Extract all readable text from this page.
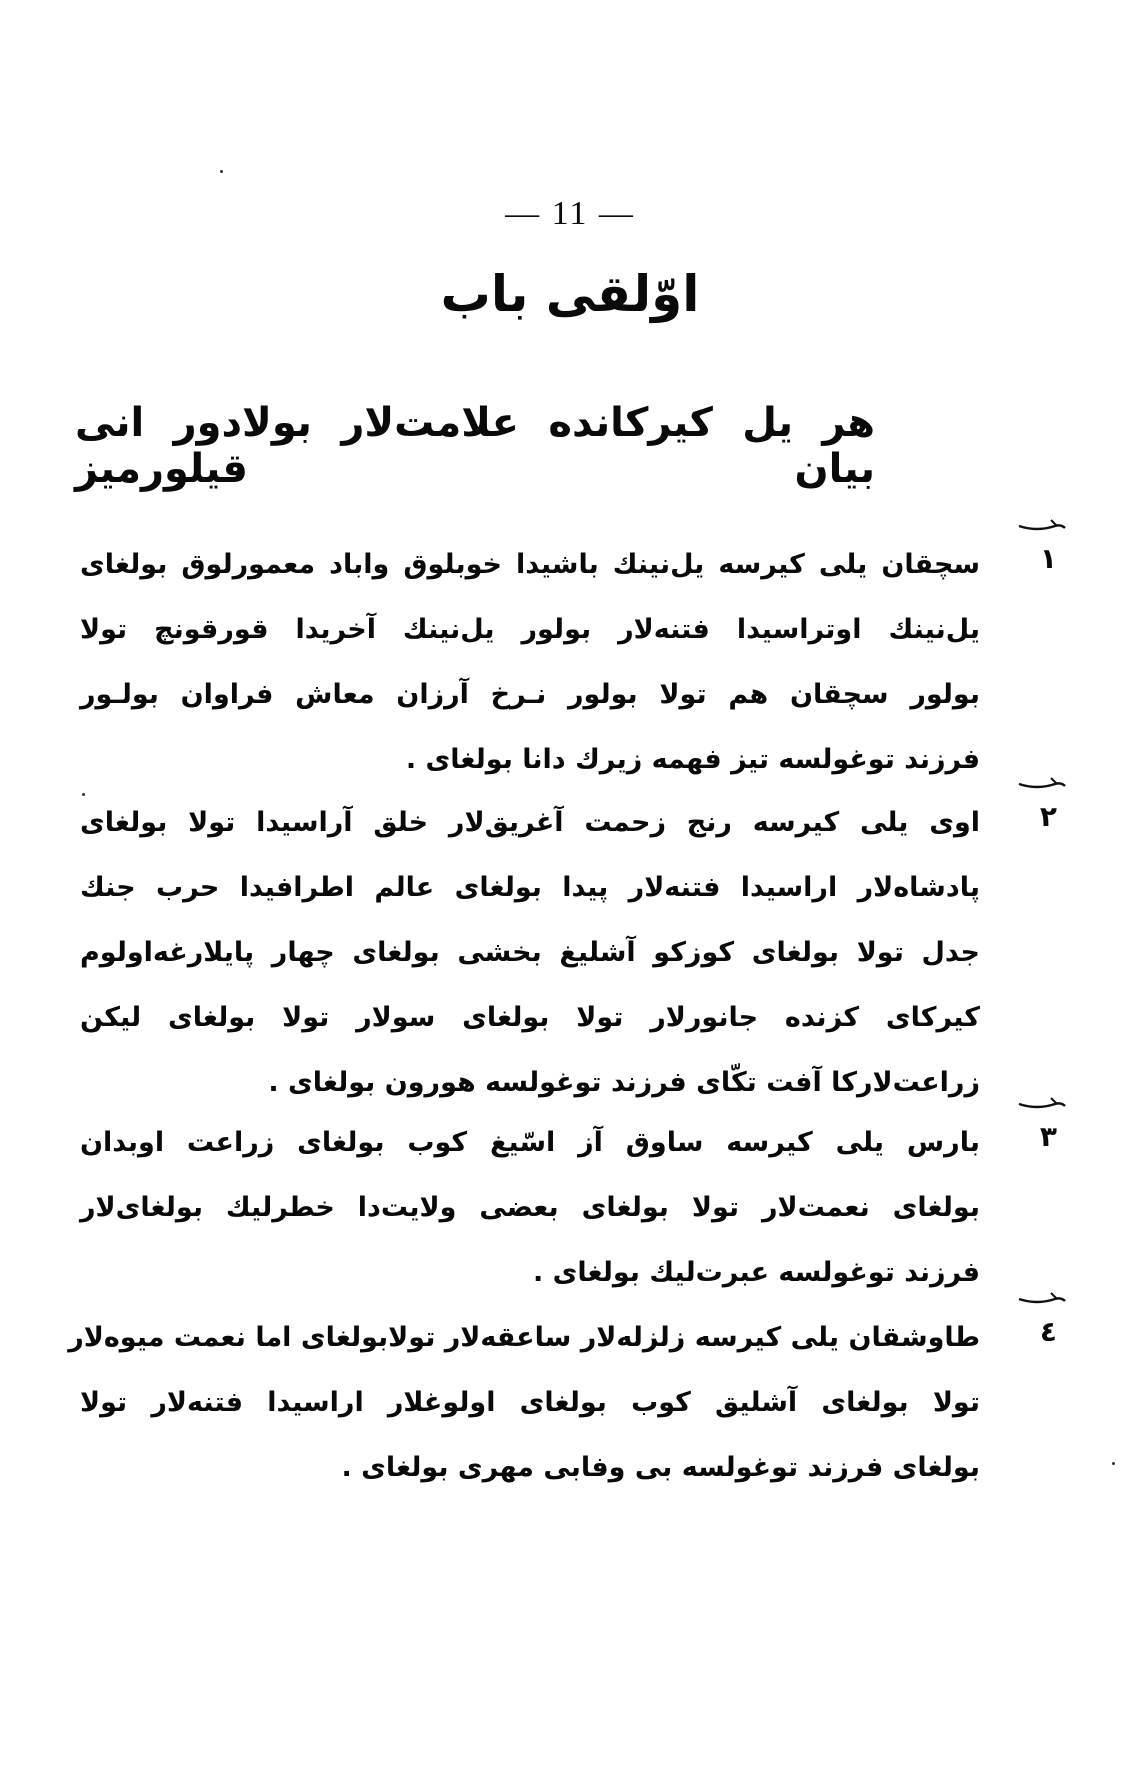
— 11 —
اوّلقی باب
هر يل كيركانده علامت‌لار بولادور انى بيان قيلورميز
١
سچقان يلى كيرسه يل‌نينك باشيدا خوبلوق واباد معمورلوق بولغاى
يل‌نينك اوتراسيدا فتنه‌لار بولور يل‌نينك آخريدا قورقونچ تولا
بولور سچقان هم تولا بولور نـرخ آرزان معاش فراوان بولـور
فرزند توغولسه تيز فهمه زيرك دانا بولغاى .
٢
اوى يلى كيرسه رنج زحمت آغريق‌لار خلق آراسيدا تولا بولغاى
پادشاه‌لار اراسيدا فتنه‌لار پيدا بولغاى عالم اطرافيدا حرب جنك
جدل تولا بولغاى كوزكو آشليغ بخشى بولغاى چهار پايلارغه‌اولوم
كيركاى كزنده جانورلار تولا بولغاى سولار تولا بولغاى ليكن
زراعت‌لاركا آفت تكّاى فرزند توغولسه هورون بولغاى .
٣
بارس يلى كيرسه ساوق آز اسّيغ كوب بولغاى زراعت اوبدان
بولغاى نعمت‌لار تولا بولغاى بعضى ولايت‌دا خطرليك بولغاى‌لار
فرزند توغولسه عبرت‌ليك بولغاى .
٤
طاوشقان يلى كيرسه زلزله‌لار ساعقه‌لار تولا‌بولغاى اما نعمت ميوه‌لار
تولا بولغاى آشليق كوب بولغاى اولوغلار اراسيدا فتنه‌لار تولا
بولغاى فرزند توغولسه بى وفابى مهرى بولغاى .
